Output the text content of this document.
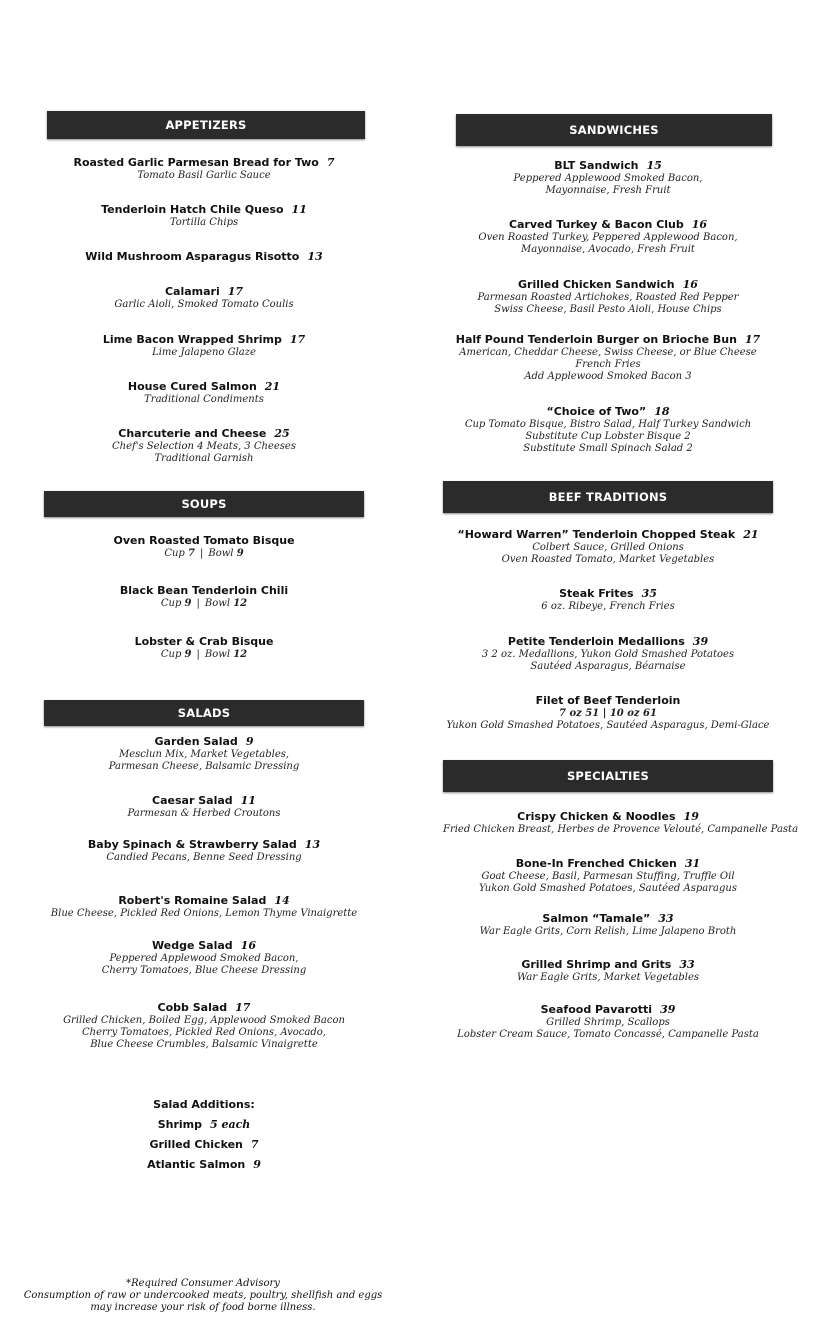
APPETIZERS	SANDWICHES
SOUPS	BEEF TRADITIONS
SALADS
SPECIALTIES
Roasted Garlic Parmesan Bread for Two 7
Tomato Basil Garlic Sauce
Tenderloin Hatch Chile Queso 11
Tortilla Chips
Wild Mushroom Asparagus Risotto 13
Calamari 17
Garlic Aioli, Smoked Tomato Coulis
Lime Bacon Wrapped Shrimp 17
Lime Jalapeno Glaze
House Cured Salmon 21
Traditional Condiments
Charcuterie and Cheese 25
Chef's Selection 4 Meats, 3 Cheeses
Traditional Garnish
Oven Roasted Tomato Bisque
Cup 7 | Bowl 9
Black Bean Tenderloin Chili
Cup 9 | Bowl 12
Lobster & Crab Bisque
Cup 9 | Bowl 12
Garden Salad 9
Mesclun Mix, Market Vegetables,
Parmesan Cheese, Balsamic Dressing
Caesar Salad 11
Parmesan & Herbed Croutons
Baby Spinach & Strawberry Salad 13
Candied Pecans, Benne Seed Dressing
Robert's Romaine Salad 14
Blue Cheese, Pickled Red Onions, Lemon Thyme Vinaigrette
Wedge Salad 16
Peppered Applewood Smoked Bacon,
Cherry Tomatoes, Blue Cheese Dressing
Cobb Salad 17
Grilled Chicken, Boiled Egg, Applewood Smoked Bacon
Cherry Tomatoes, Pickled Red Onions, Avocado,
Blue Cheese Crumbles, Balsamic Vinaigrette
Salad Additions:
Shrimp 5 each
Grilled Chicken 7
Atlantic Salmon 9
BLT Sandwich 15
Peppered Applewood Smoked Bacon,
Mayonnaise, Fresh Fruit
Carved Turkey & Bacon Club 16
Oven Roasted Turkey, Peppered Applewood Bacon,
Mayonnaise, Avocado, Fresh Fruit
Grilled Chicken Sandwich 16
Parmesan Roasted Artichokes, Roasted Red Pepper
Swiss Cheese, Basil Pesto Aioli, House Chips
Half Pound Tenderloin Burger on Brioche Bun 17
American, Cheddar Cheese, Swiss Cheese, or Blue Cheese
French Fries
Add Applewood Smoked Bacon 3
“Choice of Two” 18
Cup Tomato Bisque, Bistro Salad, Half Turkey Sandwich
Substitute Cup Lobster Bisque 2
Substitute Small Spinach Salad 2
“Howard Warren” Tenderloin Chopped Steak 21
Colbert Sauce, Grilled Onions
Oven Roasted Tomato, Market Vegetables
Steak Frites 35
6 oz. Ribeye, French Fries
Petite Tenderloin Medallions 39
3 2 oz. Medallions, Yukon Gold Smashed Potatoes
Sautéed Asparagus, Béarnaise
Filet of Beef Tenderloin
7 oz 51 | 10 oz 61
Yukon Gold Smashed Potatoes, Sautéed Asparagus, Demi-Glace
Crispy Chicken & Noodles 19
Fried Chicken Breast, Herbes de Provence Velouté, Campanelle Pasta
Bone-In Frenched Chicken 31
Goat Cheese, Basil, Parmesan Stuffing, Truffle Oil
Yukon Gold Smashed Potatoes, Sautéed Asparagus
Salmon “Tamale” 33
War Eagle Grits, Corn Relish, Lime Jalapeno Broth
Grilled Shrimp and Grits 33
War Eagle Grits, Market Vegetables
Seafood Pavarotti 39
Grilled Shrimp, Scallops
Lobster Cream Sauce, Tomato Concassé, Campanelle Pasta
*Required Consumer Advisory
Consumption of raw or undercooked meats, poultry, shellfish and eggs
may increase your risk of food borne illness.
